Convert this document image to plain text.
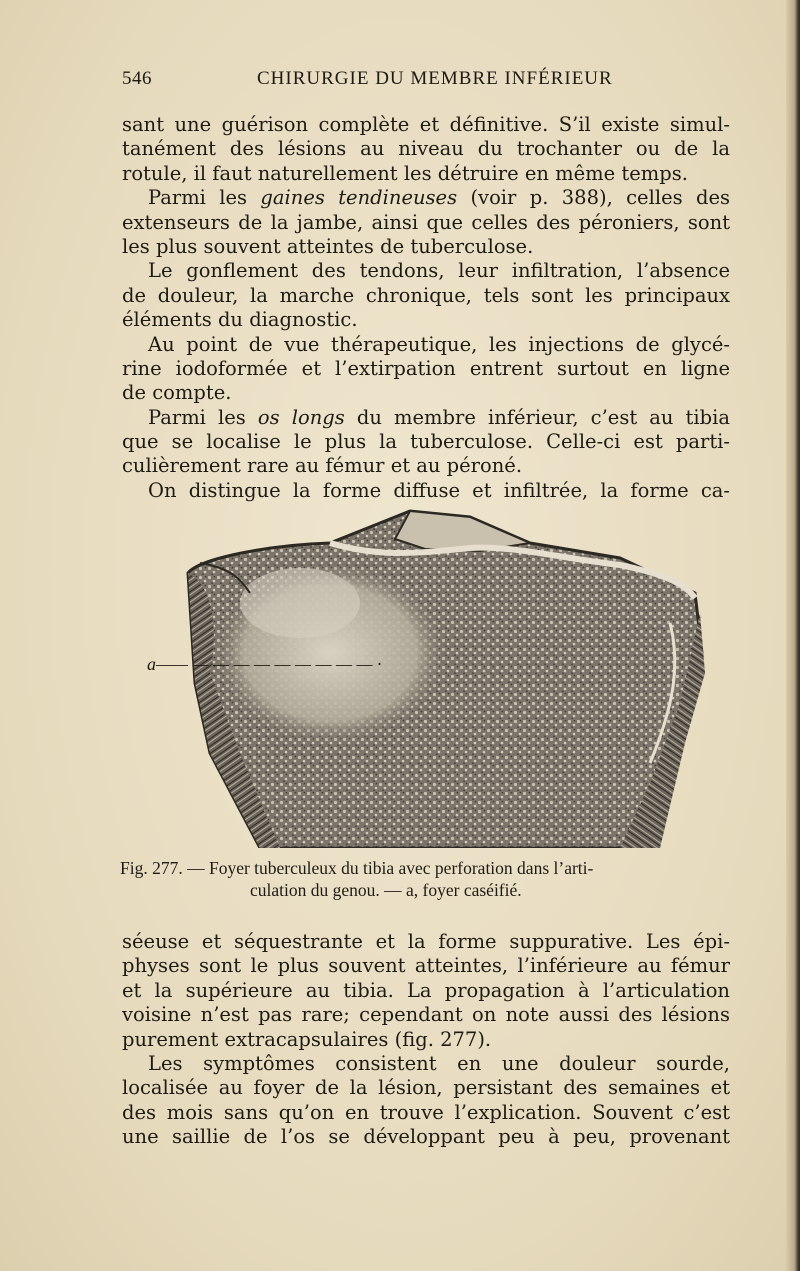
546	CHIRURGIE DU MEMBRE INFÉRIEUR
sant une guérison complète et définitive. S’il existe simul-
tanément des lésions au niveau du trochanter ou de la
rotule, il faut naturellement les détruire en même temps.
Parmi les gaines tendineuses (voir p. 388), celles des
extenseurs de la jambe, ainsi que celles des péroniers, sont
les plus souvent atteintes de tuberculose.
Le gonflement des tendons, leur infiltration, l’absence
de douleur, la marche chronique, tels sont les principaux
éléments du diagnostic.
Au point de vue thérapeutique, les injections de glycé-
rine iodoformée et l’extirpation entrent surtout en ligne
de compte.
Parmi les os longs du membre inférieur, c’est au tibia
que se localise le plus la tuberculose. Celle-ci est parti-
culièrement rare au fémur et au péroné.
On distingue la forme diffuse et infiltrée, la forme ca-
a—— — — — — — — — — — ·
Fig. 277. — Foyer tuberculeux du tibia avec perforation dans l’arti-
culation du genou. — a, foyer caséifié.
séeuse et séquestrante et la forme suppurative. Les épi-
physes sont le plus souvent atteintes, l’inférieure au fémur
et la supérieure au tibia. La propagation à l’articulation
voisine n’est pas rare; cependant on note aussi des lésions
purement extracapsulaires (fig. 277).
Les symptômes consistent en une douleur sourde,
localisée au foyer de la lésion, persistant des semaines et
des mois sans qu’on en trouve l’explication. Souvent c’est
une saillie de l’os se développant peu à peu, provenant
